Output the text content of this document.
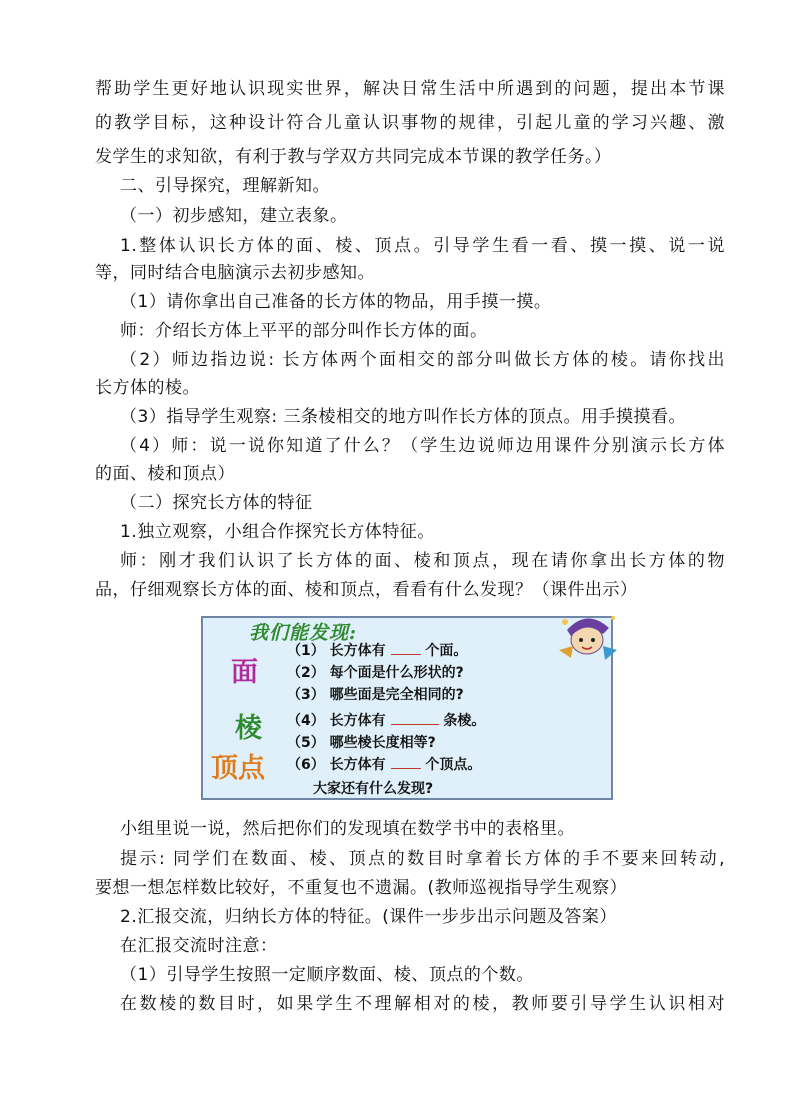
帮助学生更好地认识现实世界，解决日常生活中所遇到的问题，提出本节课
的教学目标，这种设计符合儿童认识事物的规律，引起儿童的学习兴趣、激
发学生的求知欲，有利于教与学双方共同完成本节课的教学任务。）
二、引导探究，理解新知。
（一）初步感知，建立表象。
1.整体认识长方体的面、棱、顶点。引导学生看一看、摸一摸、说一说
等，同时结合电脑演示去初步感知。
（1）请你拿出自己准备的长方体的物品，用手摸一摸。
师：介绍长方体上平平的部分叫作长方体的面。
（2）师边指边说: 长方体两个面相交的部分叫做长方体的棱。请你找出
长方体的棱。
（3）指导学生观察: 三条棱相交的地方叫作长方体的顶点。用手摸摸看。
（4）师：说一说你知道了什么？（学生边说师边用课件分别演示长方体
的面、棱和顶点）
（二）探究长方体的特征
1.独立观察，小组合作探究长方体特征。
师：刚才我们认识了长方体的面、棱和顶点，现在请你拿出长方体的物
品，仔细观察长方体的面、棱和顶点，看看有什么发现？（课件出示）
我们能发现:
面
棱
顶点
（1） 长方体有	个面。
（2） 每个面是什么形状的?
（3） 哪些面是完全相同的?
（4） 长方体有	条棱。
（5） 哪些棱长度相等?
（6） 长方体有	个顶点。
大家还有什么发现?
小组里说一说，然后把你们的发现填在数学书中的表格里。
提示: 同学们在数面、棱、顶点的数目时拿着长方体的手不要来回转动,
要想一想怎样数比较好，不重复也不遗漏。(教师巡视指导学生观察）
2.汇报交流，归纳长方体的特征。(课件一步步出示问题及答案）
在汇报交流时注意：
（1）引导学生按照一定顺序数面、棱、顶点的个数。
在数棱的数目时，如果学生不理解相对的棱，教师要引导学生认识相对
